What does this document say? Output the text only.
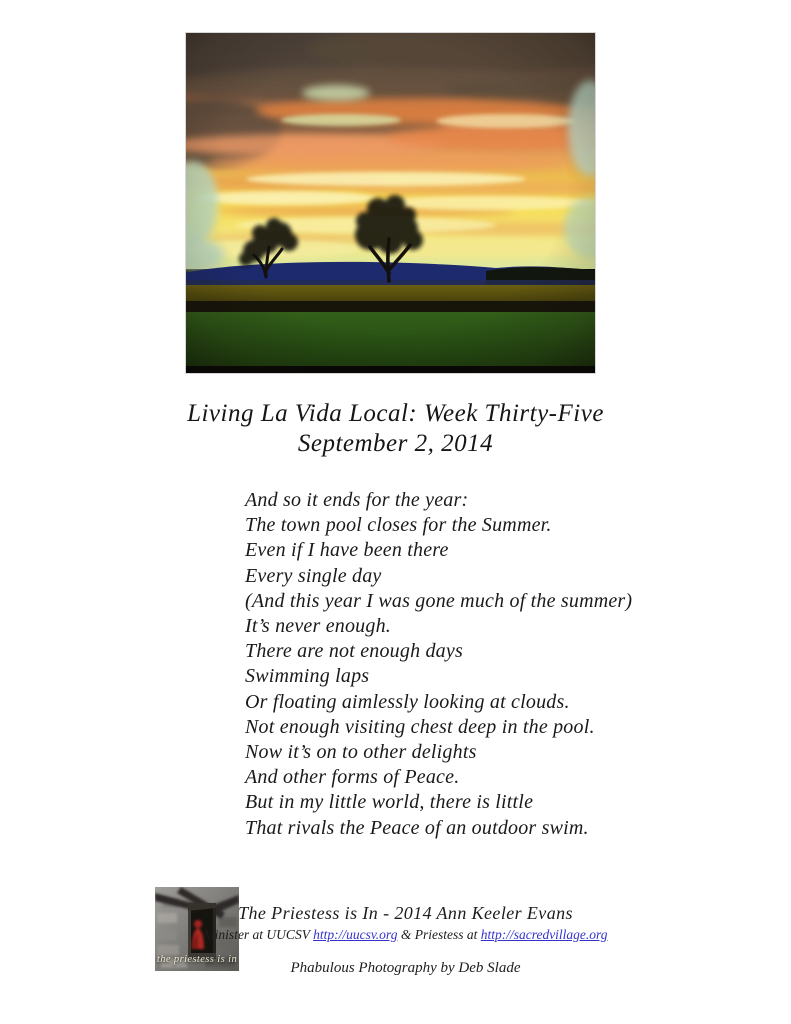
Living La Vida Local: Week Thirty-Five
September 2, 2014
And so it ends for the year:
The town pool closes for the Summer.
Even if I have been there
Every single day
(And this year I was gone much of the summer)
It’s never enough.
There are not enough days
Swimming laps
Or floating aimlessly looking at clouds.
Not enough visiting chest deep in the pool.
Now it’s on to other delights
And other forms of Peace.
But in my little world, there is little
That rivals the Peace of an outdoor swim.
the priestess is in
The Priestess is In - 2014 Ann Keeler Evans
Minister at UUCSV http://uucsv.org & Priestess at http://sacredvillage.org
Phabulous Photography by Deb Slade
